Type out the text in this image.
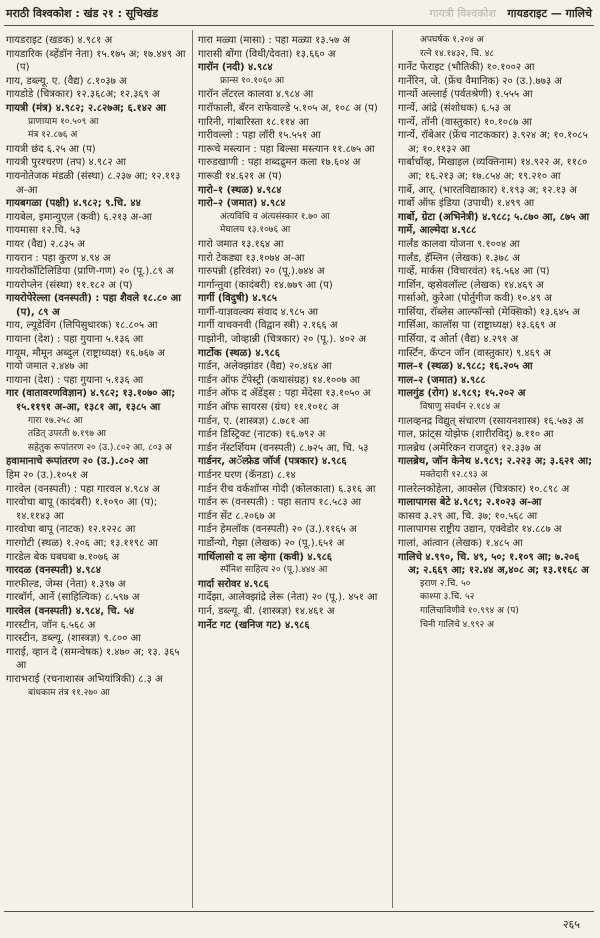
मराठी विश्वकोश : खंड २१ : सूचिखंड	गायत्री विश्वकोश गायडराइट — गालिचे

गायडराइट (खडक) ४.९८१ अ

गायडारिक (ब्हेंडॉन नेता) १५.१७५ अ; १७.४४९ आ (प)

गाय, डब्ल्यू. ए. (वैद्य) ८.१०३७ अ

गायडोडे (चित्रकार) १२.३६८अ; १२.३६९ अ

गायत्री (मंत्र) ४.९८२; २.८२७अ; ६.१४२ आ

प्राणायाम १०.५०९ आ

मंत्र १२.८७६ अ

गायत्री छंद ६.२५ आ (प)

गायत्री पुरश्चरण (तप) ४.९८२ आ

गायनोतेजक मंडळी (संस्था) ८.२३७ आ; १२.११३ अ-आ

गायबगळा (पक्षी) ४.९८२; ९.चि. ४४

गायबेल, इमान्युएल (कवी) ६.२१३ अ-आ

गायमासा १२.चि. ५३

गायर (वैद्य) २.८३५ अ

गायरान : पहा कुरण ४.९४ अ

गायरोकॉटिलिडिया (प्राणि-गण) २० (पू.).८९ अ

गायरोप्लेन (संस्था) ११.१८२ अ (प)

गायरोपेरेल्ला (वनस्पती) : पहा शैवले १८.८० आ (प), ८९ अ

गाय, ल्यूडेविंग (लिपिसुधारक) १८.८०५ आ

गायाना (देश) : पहा गुयाना ५.१३६ आ

गायूम, मौमून अब्दुल (राष्ट्राध्यक्ष) १६.७६७ अ

गायो जमात २.४४७ आ

गायाना (देश) : पहा गुयाना ५.१३६ आ

गार (वातावरणविज्ञान) ४.९८२; १३.१०७० आ; १५.११९१ अ-आ, १३८१ आ, १३८५ आ

गारा १७.२५८ आ

तडित् उपरती ७.१९७ आ

सहेतुक रूपांतरण २० (उ.).८०२ आ, ८०३ अ

हवामानाचे रूपांतरण २० (उ.).८०२ आ

हिम २० (उ.).१०५१ अ

गारवेल (वनस्पती) : पहा गारवल ४.९८४ अ

गारवोचा बापू (कादंबरी) १.१०९० आ (प); १४.११४३ आ

गारवोचा बापू (नाटक) १२.१२२८ आ

गारगोटी (स्थळ) १.२०६ आ; १३.११९८ आ

गारडेल बेक घबघबा ७.१०७६ अ

गारदळ (वनस्पती) ४.९८४

गारफील्ड, जेम्स (नेता) १.३९७ अ

गारबॉर्ग, आर्ने (साहित्यिक) ८.५९७ अ

गारवेल (वनस्पती) ४.९८४, चि. ५४

गारस्टीन, जॉन ६.५६८ अ

गारस्टीन, डब्ल्यू. (शास्त्रज्ञ) ९.८०० आ

गाराई, व्हान दे (समन्वेषक) १.४७० अ; १३. ३६५ आ

गाराभराई (रचनाशास्त्र अभियांत्रिकी) ८.३ अ

बांधकाम तंत्र ११.२७० आ

गारा मळ्या (मासा) : पहा मळ्या १३.५७ अ

गारासी बोंगा (विधी/देवता) १३.६६० अ

गारॉन (नदी) ४.९८४

फ्रान्स १०.१०६० आ

गारॉन लॅटरल कालवा ४.९८४ आ

गारॉफाली, बॅरन राफेवाल्डे ५.१०५ अ, १०८ अ (प)

गारिनी, गांबारिस्ता १८.११४ आ

गारीवल्लो : पहा लॉरी १५.५५१ आ

गारूचे मस्त्यान : पहा बिल्सा मस्त्यान ११.८७५ आ

गारुडखाणी : पहा शब्दद्रुमन कला १७.६०४ अ

गारूडी १४.६२१ अ (प)

गारो–१ (स्थळ) ४.९८४

गारो–२ (जमात) ४.९८४

अंत्यविधि व अंत्यसंस्कार १.७० आ

मेघालय १३.१०७६ आ

गारो जमात १३.१६४ आ

गारो टेकड्या १३.१०७४ अ-आ

गारुपन्नी (हरिवंश) २० (पू.).७४४ अ

गार्गान्तुवा (कादंबरी) १४.७७९ आ (प)

गार्गी (विदुषी) ४.९८५

गार्गी-याज्ञवल्क्य संवाद ४.९८५ आ

गार्गी वाचक्नवी (विद्वान स्त्री) २.१६६ अ

गाझोनी, जोव्हान्नी (चित्रकार) २० (पू.). ४०२ अ

गार्टोक (स्थळ) ४.९८६

गार्डन, अलेक्झांडर (वैद्य) २०.४६४ आ

गार्डन ऑफ टॅपेस्ट्री (कथासंग्रह) १४.१००७ आ

गार्डन ऑफ द ॲडेंड्स : पहा मेंदेसा १३.१०५० अ

गार्डन ऑफ सायरस (ग्रंथ) ११.१०१८ अ

गार्डन, ए. (शास्त्रज्ञ) ८.७८१ आ

गार्डन डिस्ट्रिक्ट (नाटक) १६.७९२ अ

गार्डन नॅस्टर्शियम (वनस्पती) ८.७२५ आ, चि. ५३

गार्डनर, अॅल्फ्रेड जॉर्ज (पत्रकार) ४.९८६

गार्डनर घरण (कॅनडा) ८.१४

गार्डन रीच वर्कशॉप्स गोदी (कोलकाता) ६.३१६ आ

गार्डन रू (वनस्पती) : पहा सताप १८.५८३ आ

गार्डन सेंट ८.२०६७ अ

गार्डन हेमलॉक (वनस्पती) २० (उ.).११६५ अ

गार्डोन्यो, गेझा (लेखक) २० (पू.).६५१ अ

गार्थिलासो द ला व्हेगा (कवी) ४.९८६

स्पॅनिश साहित्य २० (पू.).४४४ आ

गार्दा सरोवर ४.९८६

गार्देझा, आलेक्झांद्रे लेरू (नेता) २० (पू.). ४५१ आ

गार्न, डब्ल्यू. बी. (शास्त्रज्ञ) १४.४६१ अ

गार्नेट गट (खनिज गट) ४.९८६

अपघर्षक १.२०४ अ

रत्ने १४.१४३२, चि. ४८

गार्नेट फेराइट (भौतिकी) १०.१००२ आ

गार्नेरिन, जे. (फ्रेंच वैमानिक) २० (उ.).७७३ अ

गार्न्यो अल्लाई (पर्वतश्रेणी) १.५५५ आ

गार्न्ये, आंद्रे (संशोधक) ६.५३ अ

गार्न्ये, तॉनी (वास्तुकार) १०.१०८७ आ

गार्न्ये, रॉबेअर (फ्रेंच नाटककार) ३.९२४ अ; १०.१०८५ अ; १०.११३२ आ

गार्बाचॉव्ह, मिखाइल (व्यक्तिनाम) १४.९२२ अ, ११८० आ; १६.२१३ अ; १७.८५४ अ; १९.२१० आ

गार्बे, आर्. (भारतविद्याकार) १.१९३ अ; १२.१३ अ

गार्बो ऑफ इंडिया (उपाधी) १.४९९ आ

गार्बो, ग्रेटा (अभिनेत्री) ४.९८८; ५.८७० आ, ८७५ आ

गार्मे, आल्मेदा ४.९८८

गार्लंड कालवा योजना ९.१००४ आ

गार्लंड, हॅम्लिन (लेखक) १.३७८ अ

गार्व्हे, मार्कस (विचारवंत) १६.५६४ आ (प)

गार्शिन, व्हसेवलॉल्ट (लेखक) १४.४६९ अ

गार्साओ, कुरेआ (पोर्तुगीज कवी) १०.४९ अ

गार्सिया, रॉब्लेस आल्फॉन्सो (मेक्सिको) १३.६४५ अ

गार्सिआ, कालॉस पा (राष्ट्राध्यक्ष) १३.६६९ अ

गार्सिया, द ओर्ता (वैद्य) ४.२९१ अ

गार्स्टिन, कॅप्टन जॉन (वास्तुकार) ९.४६९ अ

गाल–१ (स्थळ) ४.९८८; १६.२०५ आ

गाल–२ (जमात) ४.९८८

गालगुंड (रोग) ४.९८९; १५.२०२ अ

विषाणु संवर्धन २.१८४ अ

गालव्हनद्र विद्युत् संचारण (रसायनशास्त्र) १६.५७३ अ

गाल, फ्रांट्स योझेफ (शारीरविद्) ७.११० आ

गालब्रेथ (अमेरिकन राजदूत) १२.३३७ अ

गालब्रेथ, जॉन केनेथ ४.९८९; २.२२३ अ; ३.६२१ आ;

मक्तेदारी १२.८९३ अ

गालरेत्नकोहेला, आक्सेल (चित्रकार) १०.८९८ अ

गालापागस बेटे ४.९८९; २.१०२३ अ-आ

कासव ३.२९ आ, चि. ३७; १०.५६८ आ

गालापागस राष्ट्रीय उद्यान, एक्वेडोर १४.८८७ अ

गालां, आंत्वान (लेखक) १.४८५ आ

गालिचे ४.९९०, चि. ४९, ५०; १.१०९ आ; ७.२०६ अ; २.६६९ आ; १२.४४ अ,४०८ अ; १३.११६८ अ

इराण २.चि. ५०

काश्मा ३.चि. ५२

गालिचाविणीवे १०.९९४ अ (प)

चिनी गालिचे ४.९९२ अ

२६५
